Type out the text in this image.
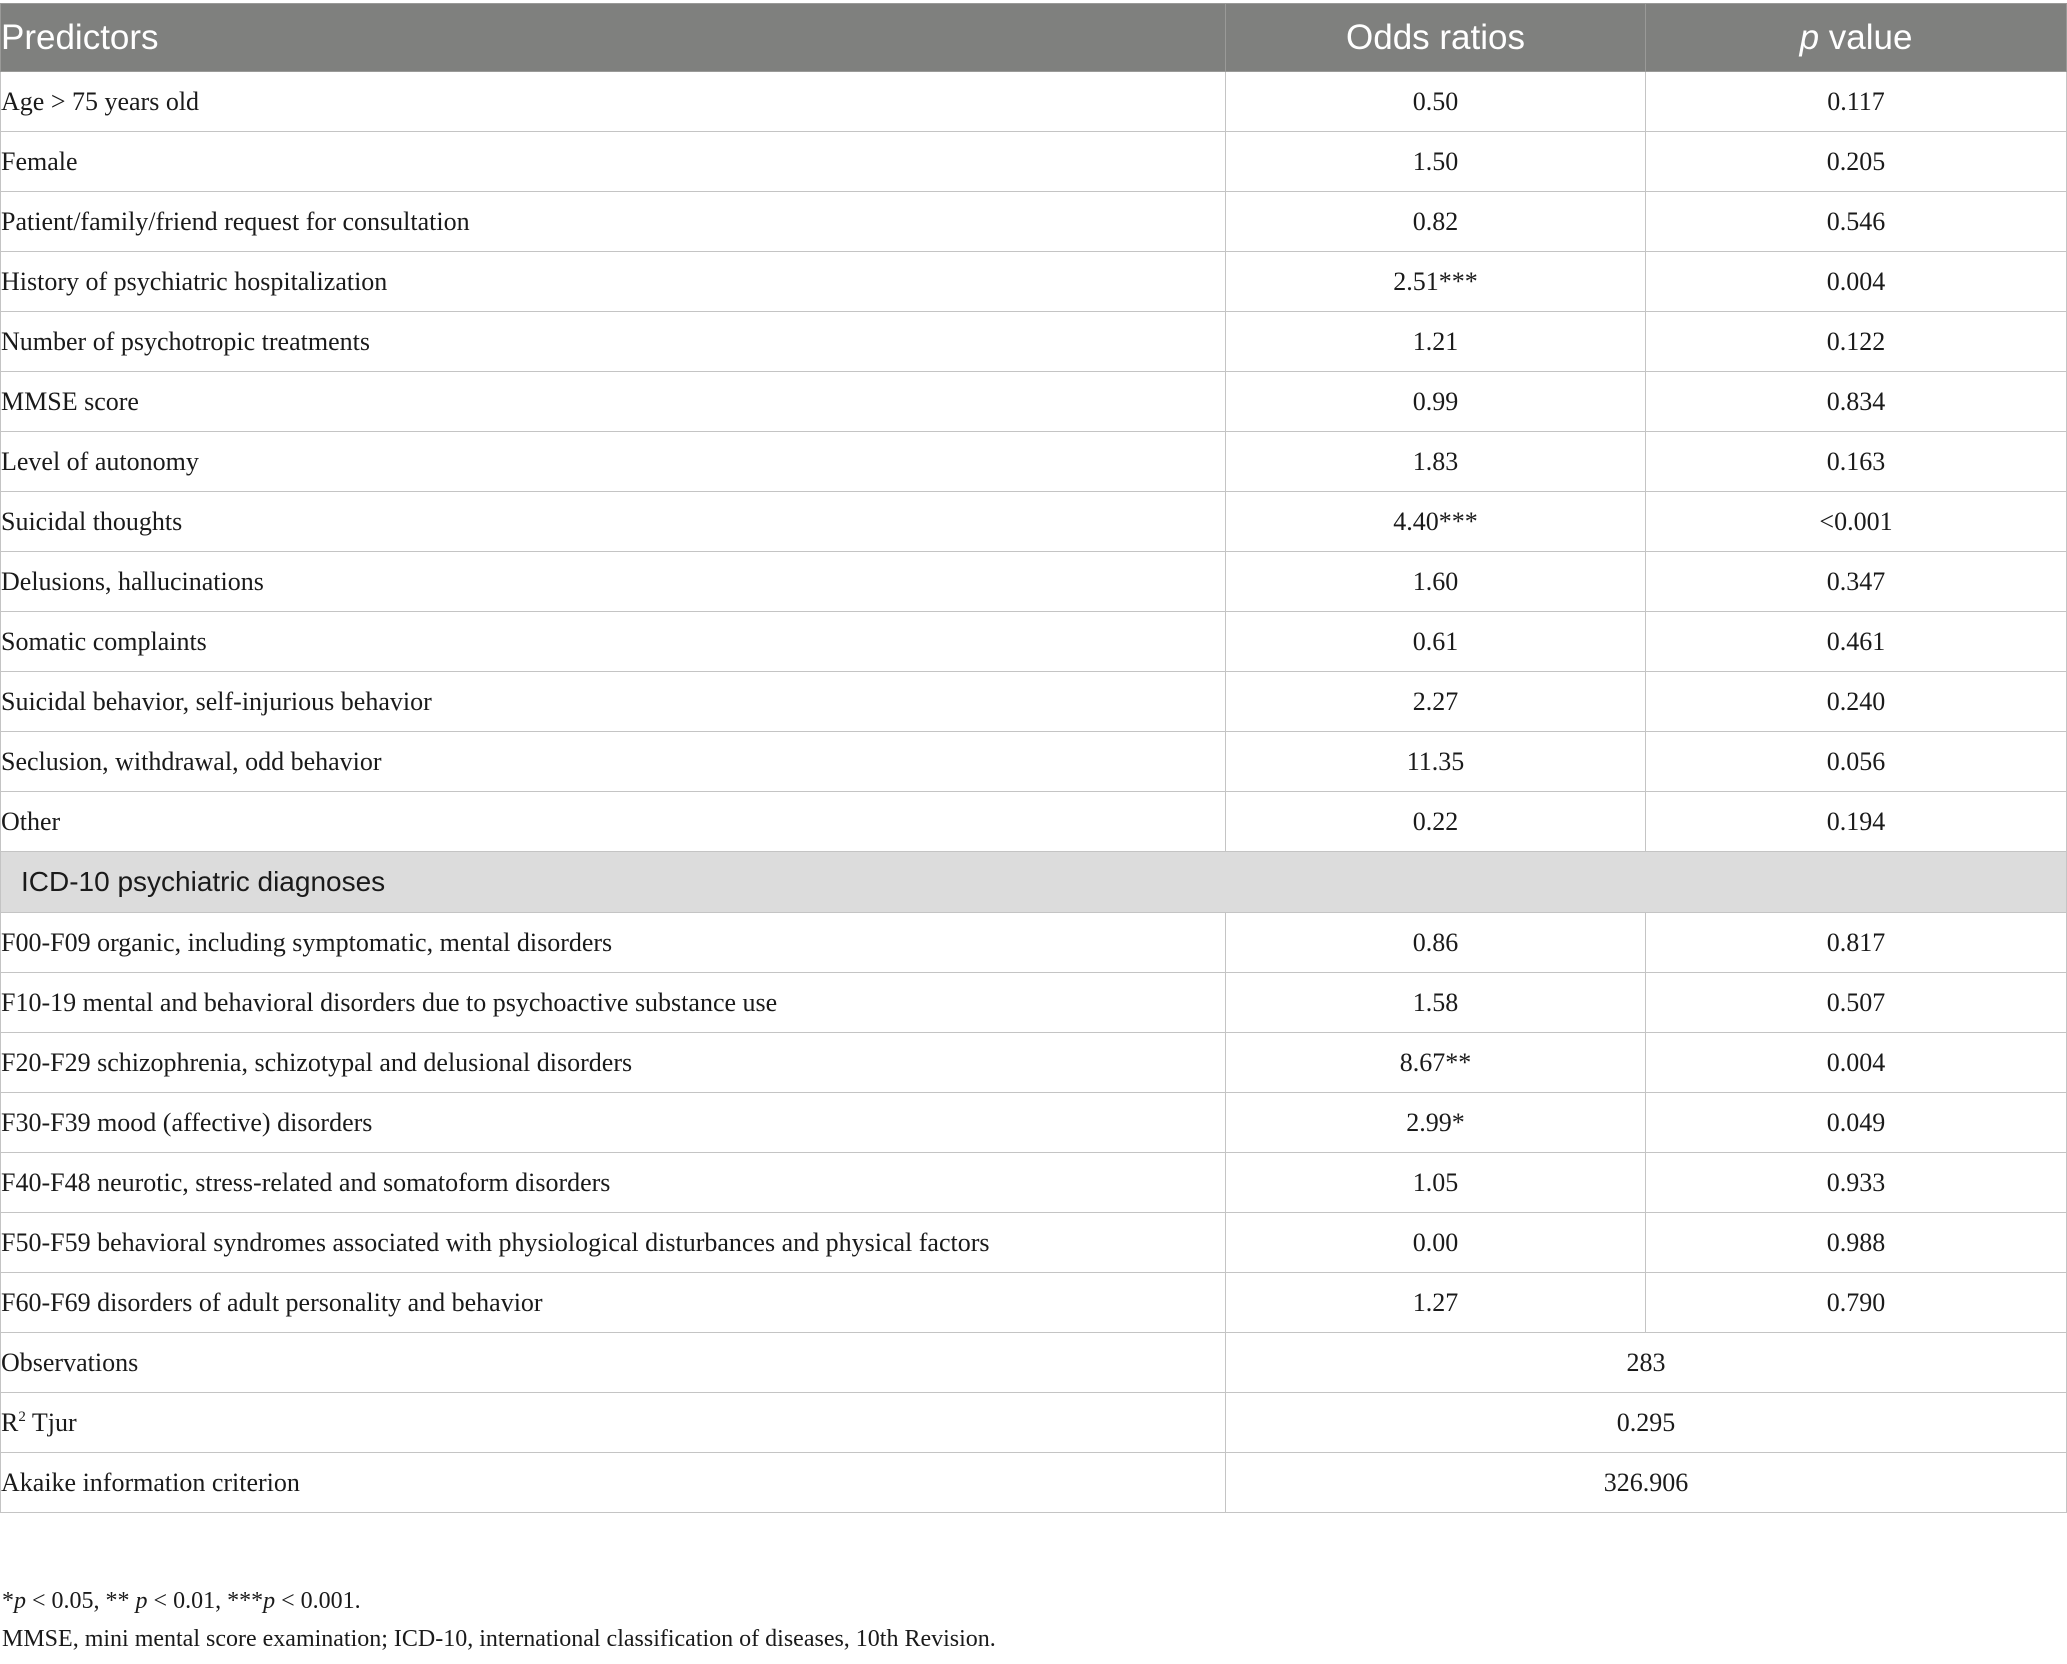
Predictors	Odds ratios	p value
Age > 75 years old	0.50	0.117
Female	1.50	0.205
Patient/family/friend request for consultation	0.82	0.546
History of psychiatric hospitalization	2.51***	0.004
Number of psychotropic treatments	1.21	0.122
MMSE score	0.99	0.834
Level of autonomy	1.83	0.163
Suicidal thoughts	4.40***	<0.001
Delusions, hallucinations	1.60	0.347
Somatic complaints	0.61	0.461
Suicidal behavior, self-injurious behavior	2.27	0.240
Seclusion, withdrawal, odd behavior	11.35	0.056
Other	0.22	0.194
ICD-10 psychiatric diagnoses		
F00-F09 organic, including symptomatic, mental disorders	0.86	0.817
F10-19 mental and behavioral disorders due to psychoactive substance use	1.58	0.507
F20-F29 schizophrenia, schizotypal and delusional disorders	8.67**	0.004
F30-F39 mood (affective) disorders	2.99*	0.049
F40-F48 neurotic, stress-related and somatoform disorders	1.05	0.933
F50-F59 behavioral syndromes associated with physiological disturbances and physical factors	0.00	0.988
F60-F69 disorders of adult personality and behavior	1.27	0.790
Observations	283	
$R^2$ Tjur	0.295	
Akaike information criterion	326.906	
*p < 0.05, ** p < 0.01, ***p < 0.001.
MMSE, mini mental score examination; ICD-10, international classification of diseases, 10th Revision.
